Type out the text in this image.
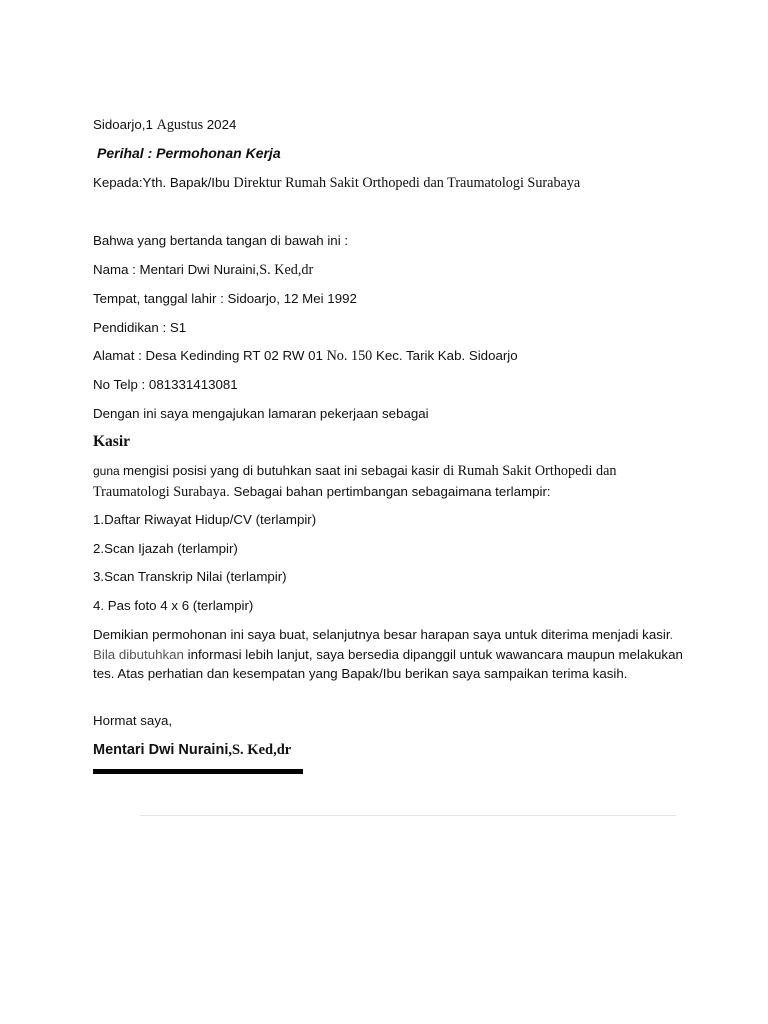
Sidoarjo,1 Agustus 2024
Perihal : Permohonan Kerja
Kepada:Yth. Bapak/Ibu Direktur Rumah Sakit Orthopedi dan Traumatologi Surabaya
Bahwa yang bertanda tangan di bawah ini :
Nama : Mentari Dwi Nuraini,S. Ked,dr
Tempat, tanggal lahir : Sidoarjo, 12 Mei 1992
Pendidikan : S1
Alamat : Desa Kedinding RT 02 RW 01 No. 150 Kec. Tarik Kab. Sidoarjo
No Telp : 081331413081
Dengan ini saya mengajukan lamaran pekerjaan sebagai
Kasir
guna mengisi posisi yang di butuhkan saat ini sebagai kasir di Rumah Sakit Orthopedi dan Traumatologi Surabaya. Sebagai bahan pertimbangan sebagaimana terlampir:
1.Daftar Riwayat Hidup/CV (terlampir)
2.Scan Ijazah (terlampir)
3.Scan Transkrip Nilai (terlampir)
4. Pas foto 4 x 6 (terlampir)
Demikian permohonan ini saya buat, selanjutnya besar harapan saya untuk diterima menjadi kasir. Bila dibutuhkan informasi lebih lanjut, saya bersedia dipanggil untuk wawancara maupun melakukan tes. Atas perhatian dan kesempatan yang Bapak/Ibu berikan saya sampaikan terima kasih.
Hormat saya,
Mentari Dwi Nuraini,S. Ked,dr
